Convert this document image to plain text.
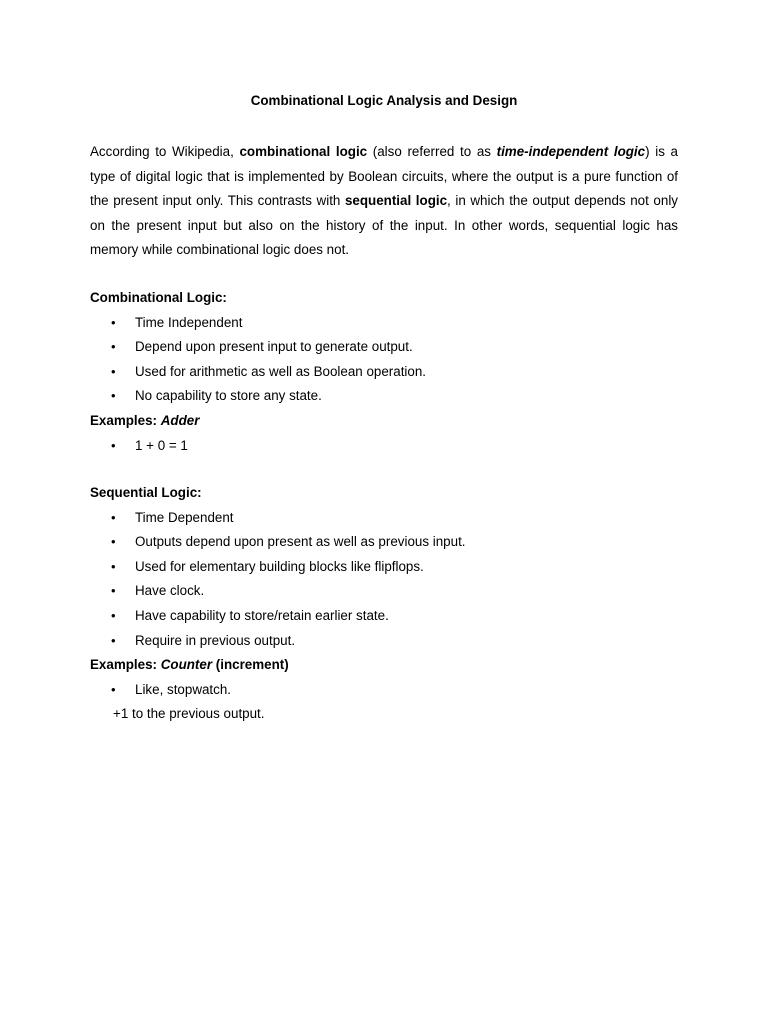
Combinational Logic Analysis and Design

According to Wikipedia, combinational logic (also referred to as time-independent logic) is a type of digital logic that is implemented by Boolean circuits, where the output is a pure function of the present input only. This contrasts with sequential logic, in which the output depends not only on the present input but also on the history of the input. In other words, sequential logic has memory while combinational logic does not.

Combinational Logic:
• Time Independent
• Depend upon present input to generate output.
• Used for arithmetic as well as Boolean operation.
• No capability to store any state.
Examples: Adder
• 1 + 0 = 1
Sequential Logic:
• Time Dependent
• Outputs depend upon present as well as previous input.
• Used for elementary building blocks like flipflops.
• Have clock.
• Have capability to store/retain earlier state.
• Require in previous output.
Examples: Counter (increment)
• Like, stopwatch.
+1 to the previous output.
